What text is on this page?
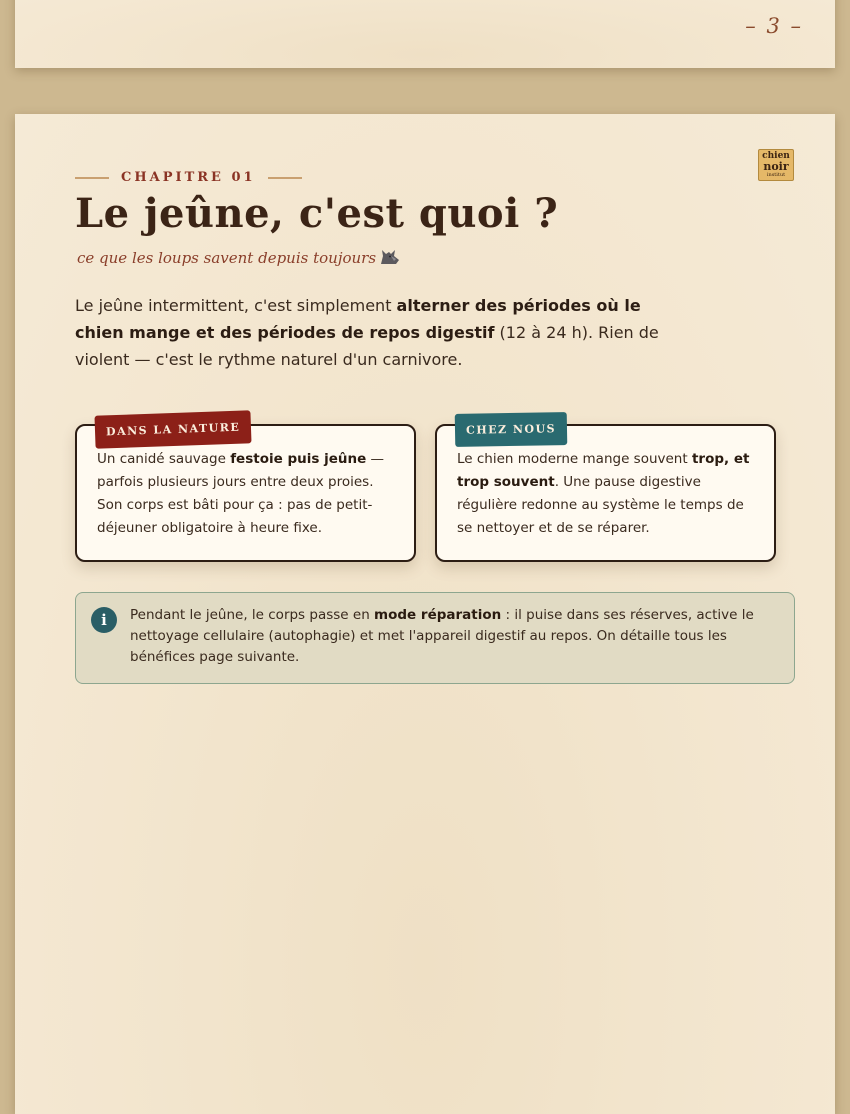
– 3 –
chien
noir
institut
CHAPITRE 01
Le jeûne, c'est quoi ?

ce que les loups savent depuis toujours

Le jeûne intermittent, c'est simplement alterner des périodes où le chien mange et des périodes de repos digestif (12 à 24 h). Rien de violent — c'est le rythme naturel d'un carnivore.

DANS LA NATURE

Un canidé sauvage festoie puis jeûne — parfois plusieurs jours entre deux proies. Son corps est bâti pour ça : pas de petit-déjeuner obligatoire à heure fixe.

CHEZ NOUS

Le chien moderne mange souvent trop, et trop souvent. Une pause digestive régulière redonne au système le temps de se nettoyer et de se réparer.

i	Pendant le jeûne, le corps passe en mode réparation : il puise dans ses réserves, active le nettoyage cellulaire (autophagie) et met l'appareil digestif au repos. On détaille tous les bénéfices page suivante.
